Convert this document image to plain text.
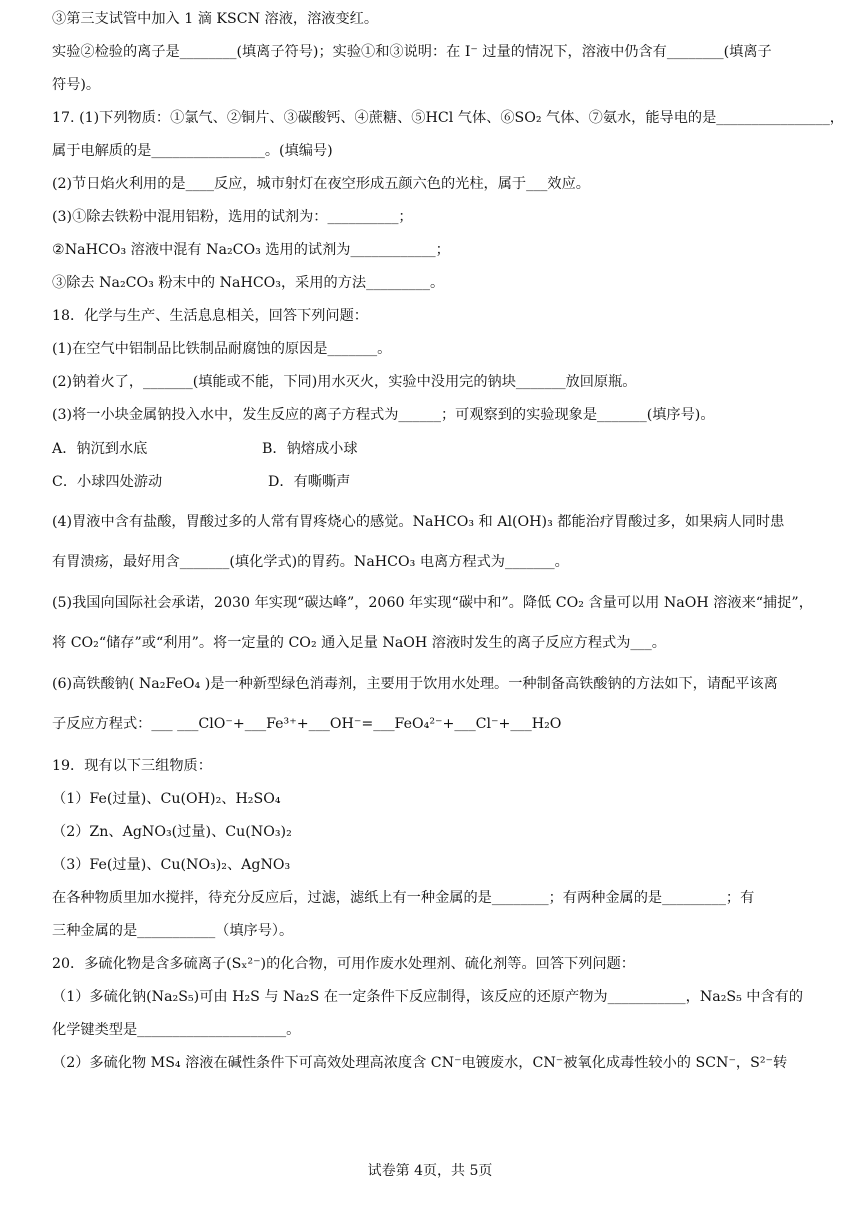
③第三支试管中加入 1 滴 KSCN 溶液，溶液变红。
实验②检验的离子是________(填离子符号)；实验①和③说明：在 I⁻ 过量的情况下，溶液中仍含有________(填离子
符号)。
17. (1)下列物质：①氯气、②铜片、③碳酸钙、④蔗糖、⑤HCl 气体、⑥SO₂ 气体、⑦氨水，能导电的是________________，
属于电解质的是________________。(填编号)
(2)节日焰火利用的是____反应，城市射灯在夜空形成五颜六色的光柱，属于___效应。
(3)①除去铁粉中混用铝粉，选用的试剂为：__________；
②NaHCO₃ 溶液中混有 Na₂CO₃ 选用的试剂为____________；
③除去 Na₂CO₃ 粉末中的 NaHCO₃，采用的方法_________。
18．化学与生产、生活息息相关，回答下列问题：
(1)在空气中铝制品比铁制品耐腐蚀的原因是_______。
(2)钠着火了，_______(填能或不能，下同)用水灭火，实验中没用完的钠块_______放回原瓶。
(3)将一小块金属钠投入水中，发生反应的离子方程式为______；可观察到的实验现象是_______(填序号)。
(4)胃液中含有盐酸，胃酸过多的人常有胃疼烧心的感觉。NaHCO₃ 和 Al(OH)₃ 都能治疗胃酸过多，如果病人同时患
有胃溃疡，最好用含_______(填化学式)的胃药。NaHCO₃ 电离方程式为_______。
(5)我国向国际社会承诺，2030 年实现“碳达峰”，2060 年实现“碳中和”。降低 CO₂ 含量可以用 NaOH 溶液来“捕捉”，
将 CO₂“储存”或“利用”。将一定量的 CO₂ 通入足量 NaOH 溶液时发生的离子反应方程式为___。
(6)高铁酸钠( Na₂FeO₄ )是一种新型绿色消毒剂，主要用于饮用水处理。一种制备高铁酸钠的方法如下，请配平该离
子反应方程式：___ ___ClO⁻+___Fe³⁺+___OH⁻=___FeO₄²⁻+___Cl⁻+___H₂O
19．现有以下三组物质：
（1）Fe(过量)、Cu(OH)₂、H₂SO₄
（2）Zn、AgNO₃(过量)、Cu(NO₃)₂
（3）Fe(过量)、Cu(NO₃)₂、AgNO₃
在各种物质里加水搅拌，待充分反应后，过滤，滤纸上有一种金属的是________；有两种金属的是_________；有
三种金属的是___________（填序号）。
20．多硫化物是含多硫离子(Sₓ²⁻)的化合物，可用作废水处理剂、硫化剂等。回答下列问题：
（1）多硫化钠(Na₂S₅)可由 H₂S 与 Na₂S 在一定条件下反应制得，该反应的还原产物为___________，Na₂S₅ 中含有的
化学键类型是_____________________。
（2）多硫化物 MS₄ 溶液在碱性条件下可高效处理高浓度含 CN⁻电镀废水，CN⁻被氧化成毒性较小的 SCN⁻，S²⁻转
A．钠沉到水底	B．钠熔成小球
C．小球四处游动	D．有嘶嘶声
试卷第 4页，共 5页
